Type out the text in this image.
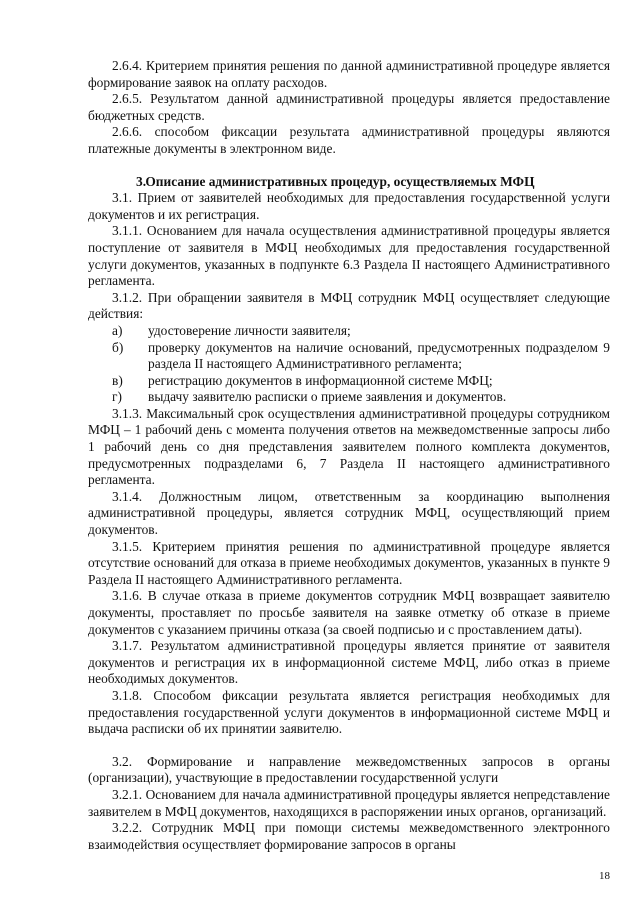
2.6.4. Критерием принятия решения по данной административной процедуре является формирование заявок на оплату расходов.

2.6.5. Результатом данной административной процедуры является предоставление бюджетных средств.

2.6.6. способом фиксации результата административной процедуры являются платежные документы в электронном виде.

3. Описание административных процедур, осуществляемых МФЦ

3.1. Прием от заявителей необходимых для предоставления государственной услуги документов и их регистрация.

3.1.1. Основанием для начала осуществления административной процедуры является поступление от заявителя в МФЦ необходимых для предоставления государственной услуги документов, указанных в подпункте 6.3 Раздела II настоящего Административного регламента.

3.1.2. При обращении заявителя в МФЦ сотрудник МФЦ осуществляет следующие действия:

а)	удостоверение личности заявителя;
б)	проверку документов на наличие оснований, предусмотренных подразделом 9 раздела II настоящего Административного регламента;
в)	регистрацию документов в информационной системе МФЦ;
г)	выдачу заявителю расписки о приеме заявления и документов.

3.1.3. Максимальный срок осуществления административной процедуры сотрудником МФЦ – 1 рабочий день с момента получения ответов на межведомственные запросы либо 1 рабочий день со дня представления заявителем полного комплекта документов, предусмотренных подразделами 6, 7 Раздела II настоящего административного регламента.

3.1.4. Должностным лицом, ответственным за координацию выполнения административной процедуры, является сотрудник МФЦ, осуществляющий прием документов.

3.1.5. Критерием принятия решения по административной процедуре является отсутствие оснований для отказа в приеме необходимых документов, указанных в пункте 9 Раздела II настоящего Административного регламента.

3.1.6. В случае отказа в приеме документов сотрудник МФЦ возвращает заявителю документы, проставляет по просьбе заявителя на заявке отметку об отказе в приеме документов с указанием причины отказа (за своей подписью и с проставлением даты).

3.1.7. Результатом административной процедуры является принятие от заявителя документов и регистрация их в информационной системе МФЦ, либо отказ в приеме необходимых документов.

3.1.8. Способом фиксации результата является регистрация необходимых для предоставления государственной услуги документов в информационной системе МФЦ и выдача расписки об их принятии заявителю.

3.2. Формирование и направление межведомственных запросов в органы (организации), участвующие в предоставлении государственной услуги

3.2.1. Основанием для начала административной процедуры является непредставление заявителем в МФЦ документов, находящихся в распоряжении иных органов, организаций.

3.2.2. Сотрудник МФЦ при помощи системы межведомственного электронного взаимодействия осуществляет формирование запросов в органы

18
